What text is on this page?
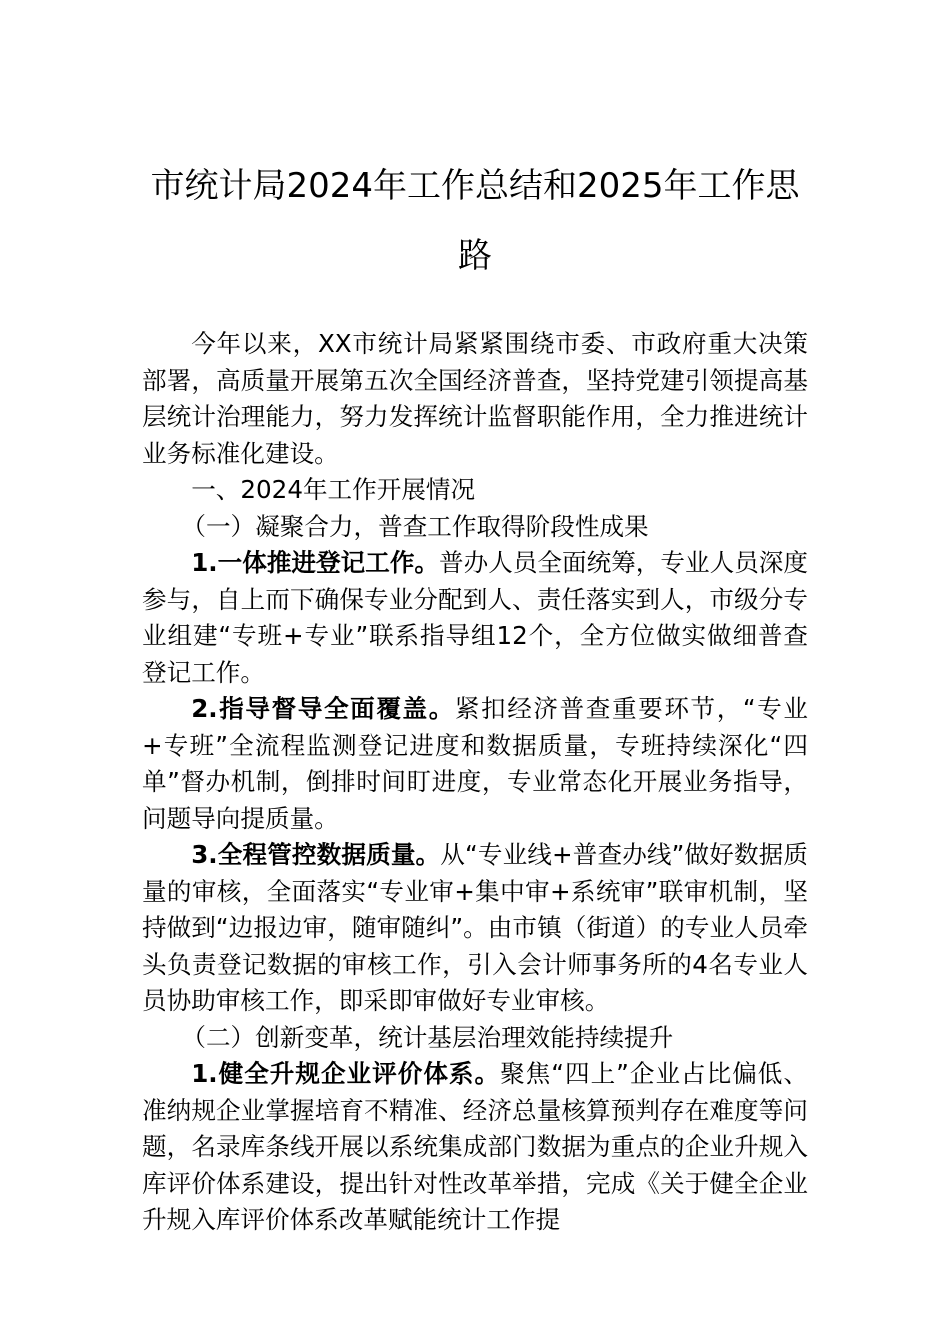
市统计局2024年工作总结和2025年工作思
路

今年以来，XX市统计局紧紧围绕市委、市政府重大决策部署，高质量开展第五次全国经济普查，坚持党建引领提高基层统计治理能力，努力发挥统计监督职能作用，全力推进统计业务标准化建设。

一、2024年工作开展情况

（一）凝聚合力，普查工作取得阶段性成果

1.一体推进登记工作。普办人员全面统筹，专业人员深度参与，自上而下确保专业分配到人、责任落实到人，市级分专业组建“专班+专业”联系指导组12个，全方位做实做细普查登记工作。

2.指导督导全面覆盖。紧扣经济普查重要环节，“专业+专班”全流程监测登记进度和数据质量，专班持续深化“四单”督办机制，倒排时间盯进度，专业常态化开展业务指导，问题导向提质量。

3.全程管控数据质量。从“专业线+普查办线”做好数据质量的审核，全面落实“专业审+集中审+系统审”联审机制，坚持做到“边报边审，随审随纠”。由市镇（街道）的专业人员牵头负责登记数据的审核工作，引入会计师事务所的4名专业人员协助审核工作，即采即审做好专业审核。

（二）创新变革，统计基层治理效能持续提升

1.健全升规企业评价体系。聚焦“四上”企业占比偏低、准纳规企业掌握培育不精准、经济总量核算预判存在难度等问题，名录库条线开展以系统集成部门数据为重点的企业升规入库评价体系建设，提出针对性改革举措，完成《关于健全企业升规入库评价体系改革赋能统计工作提
